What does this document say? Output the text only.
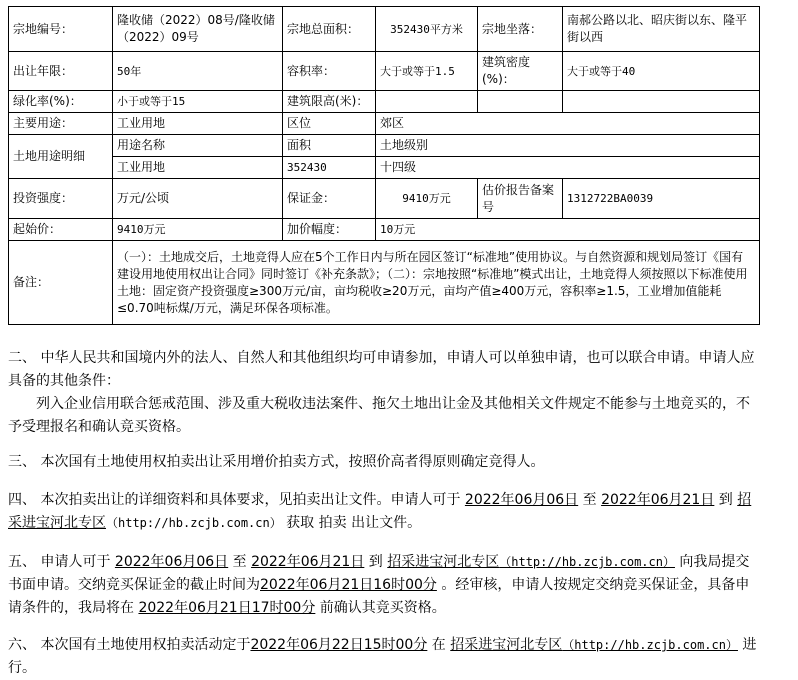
宗地编号：	隆收储（2022）08号/隆收储（2022）09号	宗地总面积：	352430平方米	宗地坐落：	南郝公路以北、昭庆街以东、隆平街以西
出让年限：	50年	容积率：	大于或等于1.5	建筑密度(%)：	大于或等于40
绿化率(%)：	小于或等于15	建筑限高(米)：			
主要用途：	工业用地	区位	郊区		
土地用途明细	用途名称	面积	土地级别		
	工业用地	352430	十四级		
投资强度：	万元/公顷	保证金：	9410万元	估价报告备案号	1312722BA0039
起始价：	9410万元	加价幅度：	10万元		
备注：	（一）：土地成交后，土地竞得人应在5个工作日内与所在园区签订“标准地”使用协议。与自然资源和规划局签订《国有建设用地使用权出让合同》同时签订《补充条款》；（二）：宗地按照“标准地”模式出让，土地竞得人须按照以下标准使用土地：固定资产投资强度≥300万元/亩，亩均税收≥20万元，亩均产值≥400万元，容积率≥1.5，工业增加值能耗≤0.70吨标煤/万元，满足环保各项标准。				

二、 中华人民共和国境内外的法人、自然人和其他组织均可申请参加，申请人可以单独申请，也可以联合申请。申请人应具备的其他条件：
列入企业信用联合惩戒范围、涉及重大税收违法案件、拖欠土地出让金及其他相关文件规定不能参与土地竞买的，不予受理报名和确认竞买资格。

三、 本次国有土地使用权拍卖出让采用增价拍卖方式，按照价高者得原则确定竞得人。

四、 本次拍卖出让的详细资料和具体要求，见拍卖出让文件。申请人可于 2022年06月06日 至 2022年06月21日 到 招采进宝河北专区（http://hb.zcjb.com.cn） 获取 拍卖 出让文件。

五、 申请人可于 2022年06月06日 至 2022年06月21日 到 招采进宝河北专区（http://hb.zcjb.com.cn） 向我局提交书面申请。交纳竞买保证金的截止时间为2022年06月21日16时00分 。经审核，申请人按规定交纳竞买保证金，具备申请条件的，我局将在 2022年06月21日17时00分 前确认其竞买资格。

六、 本次国有土地使用权拍卖活动定于2022年06月22日15时00分 在 招采进宝河北专区（http://hb.zcjb.com.cn） 进行。
